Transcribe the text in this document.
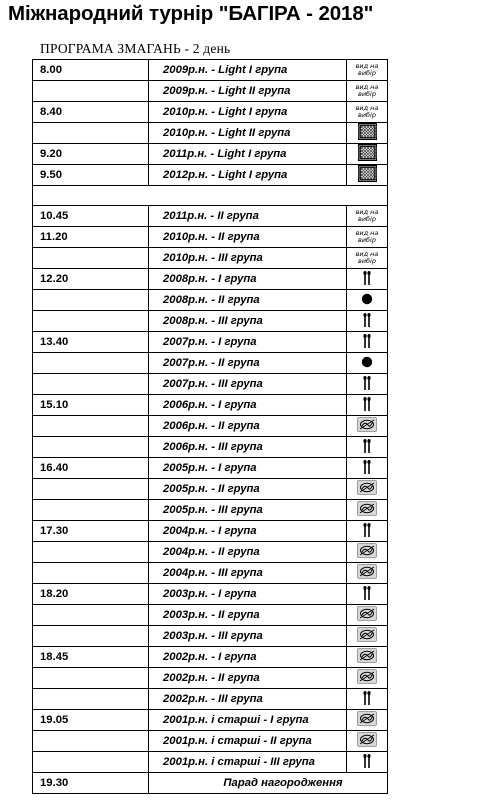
Міжнародний турнір "БАГІРА - 2018"
ПРОГРАМА ЗМАГАНЬ - 2 день
8.00	2009р.н. - Light I група	вид на
вибір
	2009р.н. - Light II група	вид на
вибір
8.40	2010р.н. - Light I група	вид на
вибір
	2010р.н. - Light II група	
9.20	2011р.н. - Light I група	
9.50	2012р.н. - Light I група	

10.45	2011р.н. - II група	вид на
вибір
11.20	2010р.н. - II група	вид на
вибір
	2010р.н. - III група	вид на
вибір
12.20	2008р.н. - I група	
	2008р.н. - II група	
	2008р.н. - III група	
13.40	2007р.н. - I група	
	2007р.н. - II група	
	2007р.н. - III група	
15.10	2006р.н. - I група	
	2006р.н. - II група	
	2006р.н. - III група	
16.40	2005р.н. - I група	
	2005р.н. - II група	
	2005р.н. - III група	
17.30	2004р.н. - I група	
	2004р.н. - II група	
	2004р.н. - III група	
18.20	2003р.н. - I група	
	2003р.н. - II група	
	2003р.н. - III група	
18.45	2002р.н. - I група	
	2002р.н. - II група	
	2002р.н. - III група	
19.05	2001р.н. і старші - I група	
	2001р.н. і старші - II група	
	2001р.н. і старші - III група	
19.30	Парад нагородження	
